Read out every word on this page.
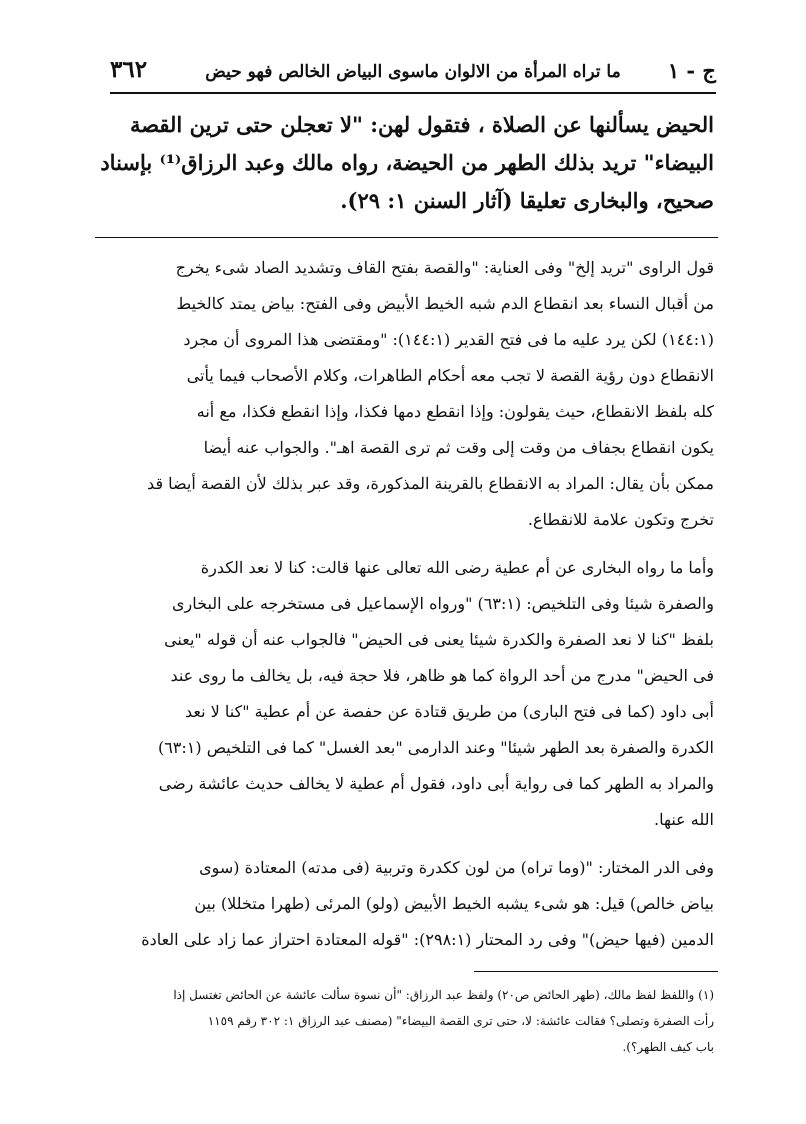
ج - ١
ما تراه المرأة من الالوان ماسوى البياض الخالص فهو حيض
٣٦٢
الحيض يسألنها عن الصلاة ، فتقول لهن: "لا تعجلن حتى ترين القصة
البيضاء" تريد بذلك الطهر من الحيضة، رواه مالك وعبد الرزاق⁽¹⁾ بإسناد
صحيح، والبخارى تعليقا (آثار السنن ١: ٢٩).
قول الراوى "تريد إلخ" وفى العناية: "والقصة بفتح القاف وتشديد الصاد شىء يخرج
من أقبال النساء بعد انقطاع الدم شبه الخيط الأبيض وفى الفتح: بياض يمتد كالخيط
(١٤٤:١) لكن يرد عليه ما فى فتح القدير (١٤٤:١): "ومقتضى هذا المروى أن مجرد
الانقطاع دون رؤية القصة لا تجب معه أحكام الطاهرات، وكلام الأصحاب فيما يأتى
كله بلفظ الانقطاع، حيث يقولون: وإذا انقطع دمها فكذا، وإذا انقطع فكذا، مع أنه
يكون انقطاع بجفاف من وقت إلى وقت ثم ترى القصة اهـ". والجواب عنه أيضا
ممكن بأن يقال: المراد به الانقطاع بالقرينة المذكورة، وقد عبر بذلك لأن القصة أيضا قد
تخرج وتكون علامة للانقطاع.
وأما ما رواه البخارى عن أم عطية رضى الله تعالى عنها قالت: كنا لا نعد الكدرة
والصفرة شيئا وفى التلخيص: (٦٣:١) "ورواه الإسماعيل فى مستخرجه على البخارى
بلفظ "كنا لا نعد الصفرة والكدرة شيئا يعنى فى الحيض" فالجواب عنه أن قوله "يعنى
فى الحيض" مدرج من أحد الرواة كما هو ظاهر، فلا حجة فيه، بل يخالف ما روى عند
أبى داود (كما فى فتح البارى) من طريق قتادة عن حفصة عن أم عطية "كنا لا نعد
الكدرة والصفرة بعد الطهر شيئا" وعند الدارمى "بعد الغسل" كما فى التلخيص (٦٣:١)
والمراد به الطهر كما فى رواية أبى داود، فقول أم عطية لا يخالف حديث عائشة رضى
الله عنها.
وفى الدر المختار: "(وما تراه) من لون ككدرة وتربية (فى مدته) المعتادة (سوى
بياض خالص) قيل: هو شىء يشبه الخيط الأبيض (ولو) المرئى (طهرا متخللا) بين
الدمين (فيها حيض)" وفى رد المحتار (٢٩٨:١): "قوله المعتادة احتراز عما زاد على العادة
(١) واللفظ لفظ مالك، (طهر الحائض ص٢٠) ولفظ عبد الرزاق: "أن نسوة سألت عائشة عن الحائض تغتسل إذا
رأت الصفرة وتصلى؟ فقالت عائشة: لا، حتى ترى القصة البيضاء" (مصنف عبد الرزاق ١: ٣٠٢ رقم ١١٥٩
باب كيف الطهر؟).
